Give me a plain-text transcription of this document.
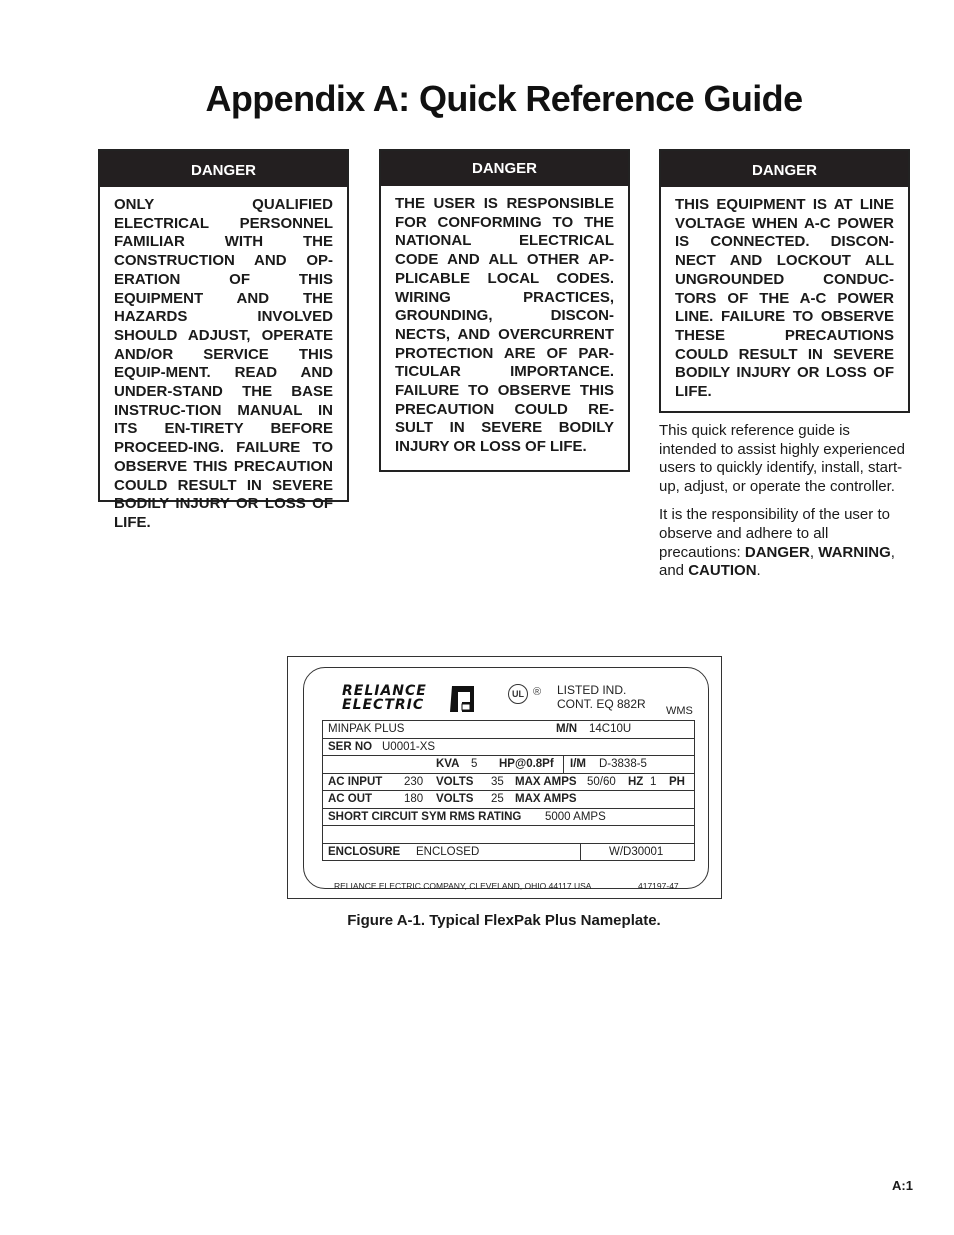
Appendix A: Quick Reference Guide
DANGER
ONLY QUALIFIED ELECTRICAL PERSONNEL FAMILIAR WITH THE CONSTRUCTION AND OP-ERATION OF THIS EQUIPMENT AND THE HAZARDS INVOLVED SHOULD ADJUST, OPERATE AND/OR SERVICE THIS EQUIP-MENT. READ AND UNDER-STAND THE BASE INSTRUC-TION MANUAL IN ITS EN-TIRETY BEFORE PROCEED-ING. FAILURE TO OBSERVE THIS PRECAUTION COULD RESULT IN SEVERE BODILY INJURY OR LOSS OF LIFE.
DANGER
THE USER IS RESPONSIBLE FOR CONFORMING TO THE NATIONAL ELECTRICAL CODE AND ALL OTHER AP-PLICABLE LOCAL CODES. WIRING PRACTICES, GROUNDING, DISCON-NECTS, AND OVERCURRENT PROTECTION ARE OF PAR-TICULAR IMPORTANCE. FAILURE TO OBSERVE THIS PRECAUTION COULD RE-SULT IN SEVERE BODILY INJURY OR LOSS OF LIFE.
DANGER
THIS EQUIPMENT IS AT LINE VOLTAGE WHEN A-C POWER IS CONNECTED. DISCON-NECT AND LOCKOUT ALL UNGROUNDED CONDUC-TORS OF THE A-C POWER LINE. FAILURE TO OBSERVE THESE PRECAUTIONS COULD RESULT IN SEVERE BODILY INJURY OR LOSS OF LIFE.

This quick reference guide is intended to assist highly experienced users to quickly identify, install, start-up, adjust, or operate the controller.

It is the responsibility of the user to observe and adhere to all precautions: DANGER, WARNING, and CAUTION.

RELIANCE
ELECTRIC
UL ® LISTED IND.
CONT. EQ 882R WMS
MINPAK PLUS	M/N 14C10U
SER NO U0001-XS
KVA 5 HP@0.8Pf I/M D-3838-5
AC INPUT 230 VOLTS 35 MAX AMPS 50/60 HZ 1 PH
AC OUT	180 VOLTS 25 MAX AMPS
SHORT CIRCUIT SYM RMS RATING 5000 AMPS
ENCLOSURE ENCLOSED	W/D30001
RELIANCE ELECTRIC COMPANY, CLEVELAND, OHIO 44117 USA	417197-47
Figure A-1. Typical FlexPak Plus Nameplate.
A:1
